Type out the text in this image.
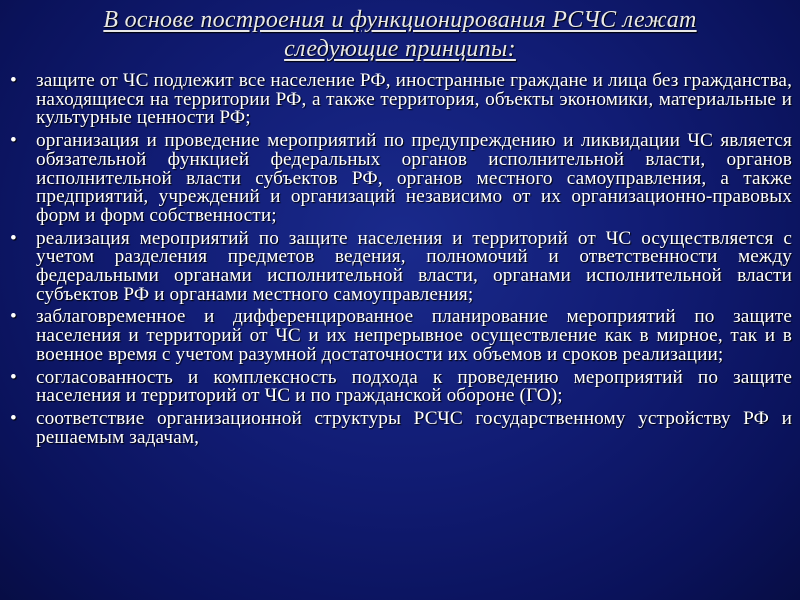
В основе построения и функционирования РСЧС лежат
следующие принципы:
• защите от ЧС подлежит все население РФ, иностранные граждане и лица без гражданства, находящиеся на территории РФ, а также территория, объекты экономики, материальные и культурные ценности РФ;
• организация и проведение мероприятий по предупреждению и ликвидации ЧС является обязательной функцией федеральных органов исполнительной власти, органов исполнительной власти субъектов РФ, органов местного самоуправления, а также предприятий, учреждений и организаций независимо от их организационно-правовых форм и форм собственности;
• реализация мероприятий по защите населения и территорий от ЧС осуществляется с учетом разделения предметов ведения, полномочий и ответственности между федеральными органами исполнительной власти, органами исполнительной власти субъектов РФ и органами местного самоуправления;
• заблаговременное и дифференцированное планирование мероприятий по защите населения и территорий от ЧС и их непрерывное осуществление как в мирное, так и в военное время с учетом разумной достаточности их объемов и сроков реализации;
• согласованность и комплексность подхода к проведению мероприятий по защите населения и территорий от ЧС и по гражданской обороне (ГО);
• соответствие организационной структуры РСЧС государственному устройству РФ и решаемым задачам,
